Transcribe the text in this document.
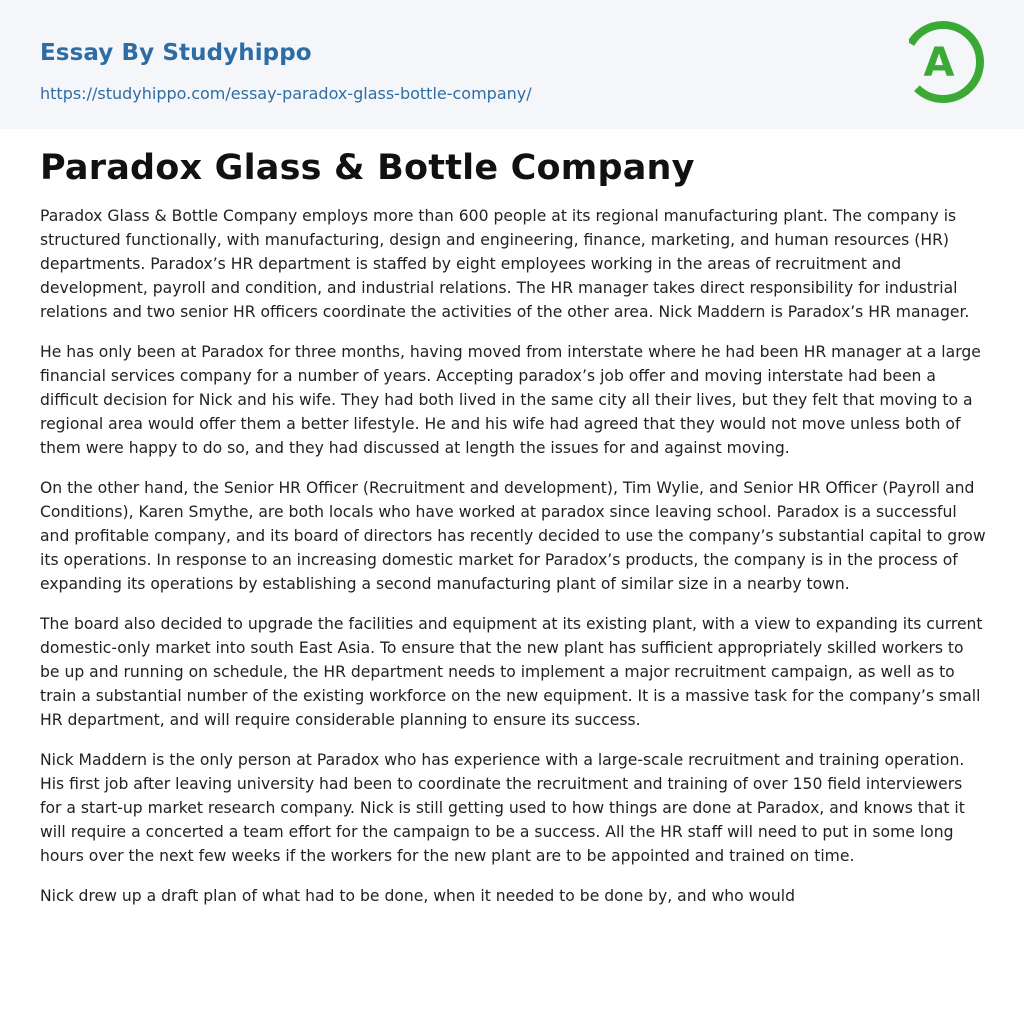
Essay By Studyhippo
https://studyhippo.com/essay-paradox-glass-bottle-company/
A
Paradox Glass & Bottle Company

Paradox Glass & Bottle Company employs more than 600 people at its regional manufacturing plant. The company is structured functionally, with manufacturing, design and engineering, finance, marketing, and human resources (HR) departments. Paradox’s HR department is staffed by eight employees working in the areas of recruitment and development, payroll and condition, and industrial relations. The HR manager takes direct responsibility for industrial relations and two senior HR officers coordinate the activities of the other area. Nick Maddern is Paradox’s HR manager.

He has only been at Paradox for three months, having moved from interstate where he had been HR manager at a large financial services company for a number of years. Accepting paradox’s job offer and moving interstate had been a difficult decision for Nick and his wife. They had both lived in the same city all their lives, but they felt that moving to a regional area would offer them a better lifestyle. He and his wife had agreed that they would not move unless both of them were happy to do so, and they had discussed at length the issues for and against moving.

On the other hand, the Senior HR Officer (Recruitment and development), Tim Wylie, and Senior HR Officer (Payroll and Conditions), Karen Smythe, are both locals who have worked at paradox since leaving school. Paradox is a successful and profitable company, and its board of directors has recently decided to use the company’s substantial capital to grow its operations. In response to an increasing domestic market for Paradox’s products, the company is in the process of expanding its operations by establishing a second manufacturing plant of similar size in a nearby town.

The board also decided to upgrade the facilities and equipment at its existing plant, with a view to expanding its current domestic-only market into south East Asia. To ensure that the new plant has sufficient appropriately skilled workers to be up and running on schedule, the HR department needs to implement a major recruitment campaign, as well as to train a substantial number of the existing workforce on the new equipment. It is a massive task for the company’s small HR department, and will require considerable planning to ensure its success.

Nick Maddern is the only person at Paradox who has experience with a large-scale recruitment and training operation. His first job after leaving university had been to coordinate the recruitment and training of over 150 field interviewers for a start-up market research company. Nick is still getting used to how things are done at Paradox, and knows that it will require a concerted a team effort for the campaign to be a success. All the HR staff will need to put in some long hours over the next few weeks if the workers for the new plant are to be appointed and trained on time.

Nick drew up a draft plan of what had to be done, when it needed to be done by, and who would
